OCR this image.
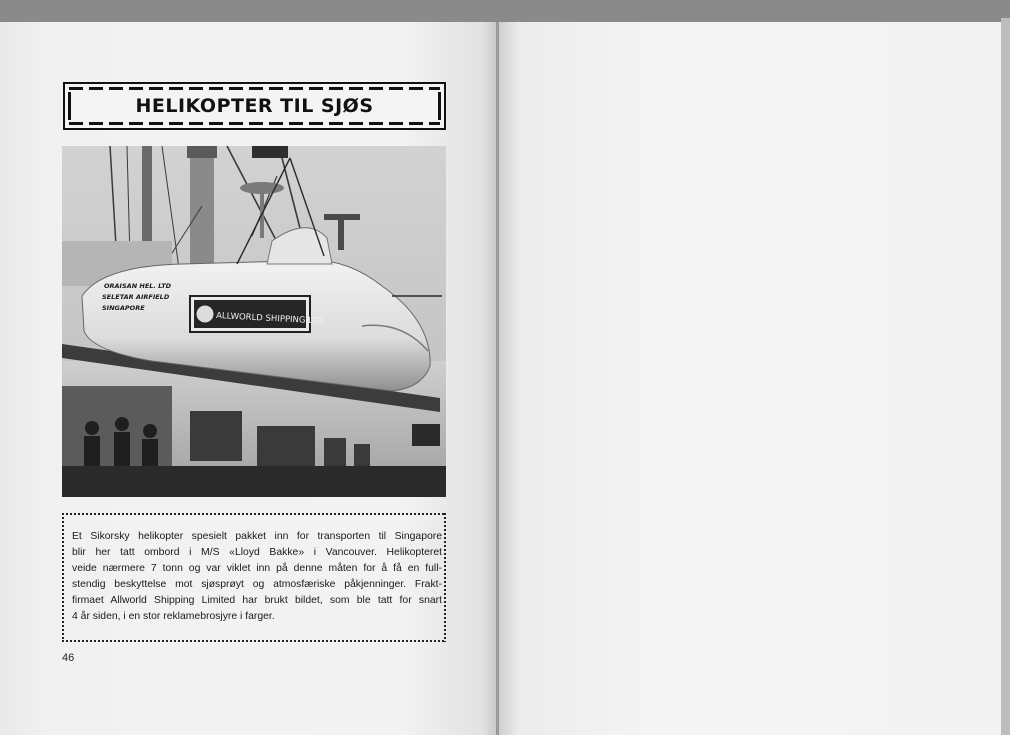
HELIKOPTER TIL SJØS
ALLWORLD SHIPPING LTD.
ORAISAN HEL. LTD
SELETAR AIRFIELD
SINGAPORE
Et Sikorsky helikopter spesielt pakket inn for transporten til Singapore
blir her tatt ombord i M/S «Lloyd Bakke» i Vancouver. Helikopteret
veide nærmere 7 tonn og var viklet inn på denne måten for å få en full-
stendig beskyttelse mot sjøsprøyt og atmosfæriske påkjenninger. Frakt-
firmaet Allworld Shipping Limited har brukt bildet, som ble tatt for snart
4 år siden, i en stor reklamebrosjyre i farger.
46
